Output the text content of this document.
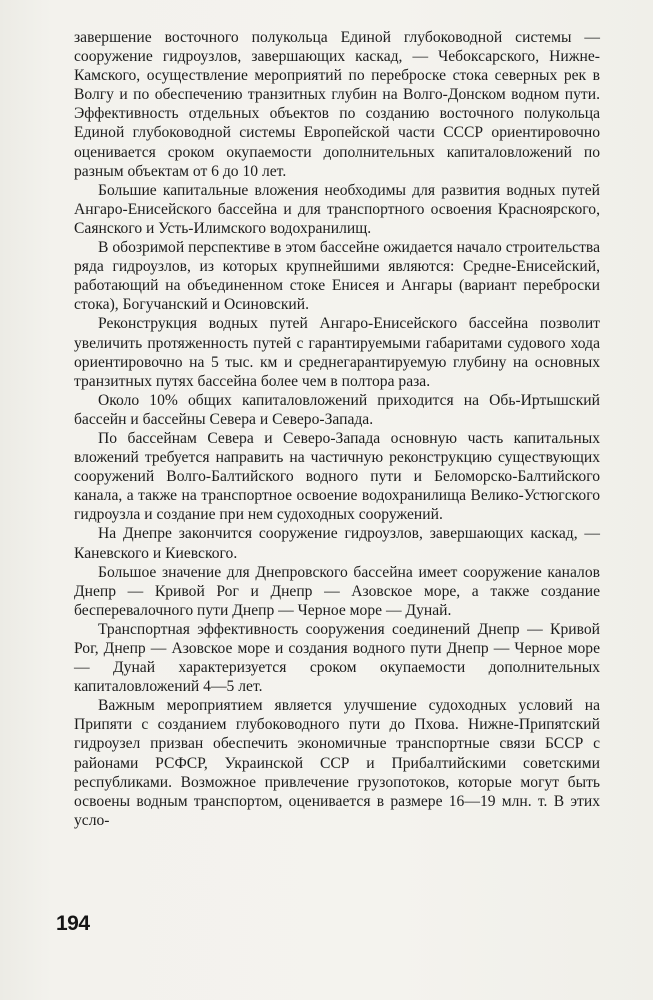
завершение восточного полукольца Единой глубоководной системы — сооружение гидроузлов, завершающих каскад, — Чебоксарского, Нижне-Камского, осуществление мероприятий по переброске стока северных рек в Волгу и по обеспечению транзитных глубин на Волго-Донском водном пути. Эффективность отдельных объектов по созданию восточного полукольца Единой глубоководной системы Европейской части СССР ориентировочно оценивается сроком окупаемости дополнительных капиталовложений по разным объектам от 6 до 10 лет.

Большие капитальные вложения необходимы для развития водных путей Ангаро-Енисейского бассейна и для транспортного освоения Красноярского, Саянского и Усть-Илимского водохранилищ.

В обозримой перспективе в этом бассейне ожидается начало строительства ряда гидроузлов, из которых крупнейшими являются: Средне-Енисейский, работающий на объединенном стоке Енисея и Ангары (вариант переброски стока), Богучанский и Осиновский.

Реконструкция водных путей Ангаро-Енисейского бассейна позволит увеличить протяженность путей с гарантируемыми габаритами судового хода ориентировочно на 5 тыс. км и среднегарантируемую глубину на основных транзитных путях бассейна более чем в полтора раза.

Около 10% общих капиталовложений приходится на Обь-Иртышский бассейн и бассейны Севера и Северо-Запада.

По бассейнам Севера и Северо-Запада основную часть капитальных вложений требуется направить на частичную реконструкцию существующих сооружений Волго-Балтийского водного пути и Беломорско-Балтийского канала, а также на транспортное освоение водохранилища Велико-Устюгского гидроузла и создание при нем судоходных сооружений.

На Днепре закончится сооружение гидроузлов, завершающих каскад, — Каневского и Киевского.

Большое значение для Днепровского бассейна имеет сооружение каналов Днепр — Кривой Рог и Днепр — Азовское море, а также создание бесперевалочного пути Днепр — Черное море — Дунай.

Транспортная эффективность сооружения соединений Днепр — Кривой Рог, Днепр — Азовское море и создания водного пути Днепр — Черное море — Дунай характеризуется сроком окупаемости дополнительных капиталовложений 4—5 лет.

Важным мероприятием является улучшение судоходных условий на Припяти с созданием глубоководного пути до Пхова. Нижне-Припятский гидроузел призван обеспечить экономичные транспортные связи БССР с районами РСФСР, Украинской ССР и Прибалтийскими советскими республиками. Возможное привлечение грузопотоков, которые могут быть освоены водным транспортом, оценивается в размере 16—19 млн. т. В этих усло-

194
